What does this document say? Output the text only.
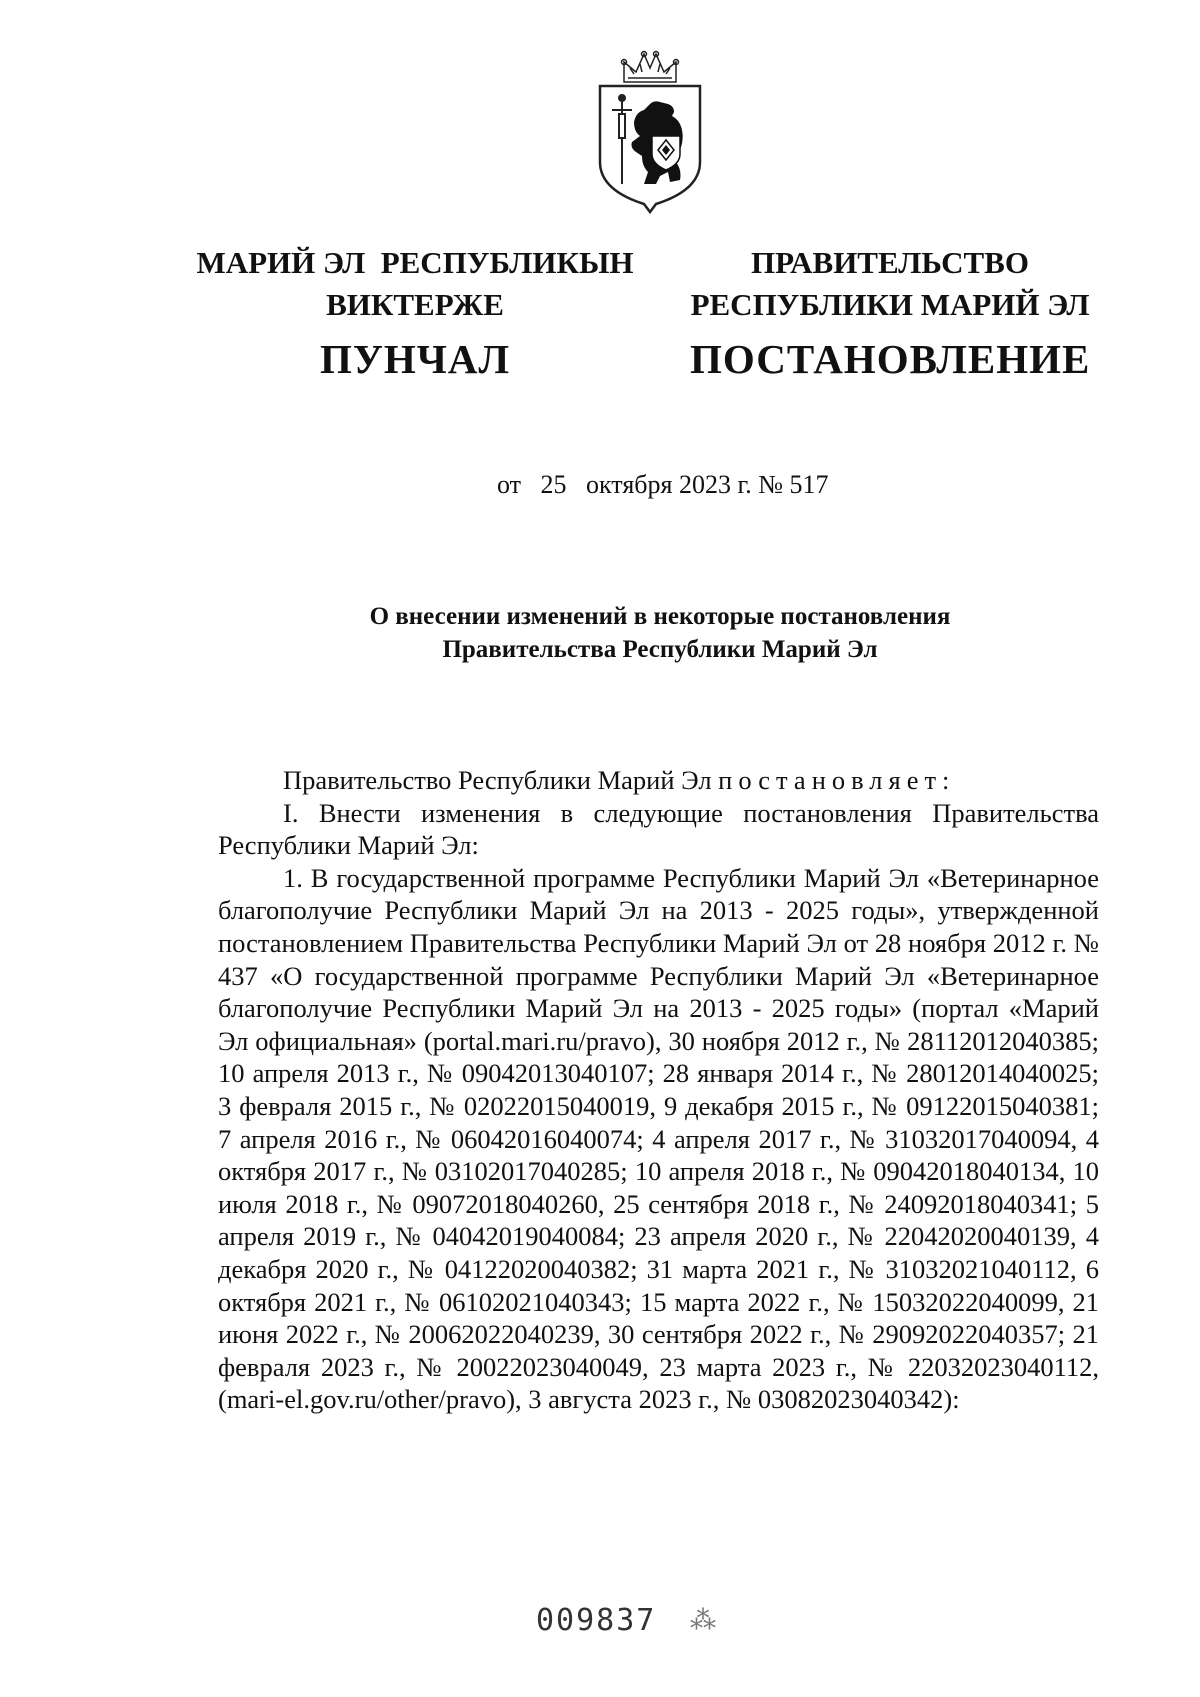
МАРИЙ ЭЛ  РЕСПУБЛИКЫН
ВИКТЕРЖЕ
ПУНЧАЛ
ПРАВИТЕЛЬСТВО
РЕСПУБЛИКИ МАРИЙ ЭЛ
ПОСТАНОВЛЕНИЕ
от   25   октября 2023 г. № 517
О внесении изменений в некоторые постановления
Правительства Республики Марий Эл

Правительство Республики Марий Эл постановляет:

I. Внести изменения в следующие постановления Правительства Республики Марий Эл:

1. В государственной программе Республики Марий Эл «Ветеринарное благополучие Республики Марий Эл на 2013 - 2025 годы», утвержденной постановлением Правительства Республики Марий Эл от 28 ноября 2012 г. № 437 «О государственной программе Республики Марий Эл «Ветеринарное благополучие Республики Марий Эл на 2013 - 2025 годы» (портал «Марий Эл официальная» (portal.mari.ru/pravo), 30 ноября 2012 г., № 28112012040385; 10 апреля 2013 г., № 09042013040107; 28 января 2014 г., № 28012014040025; 3 февраля 2015 г., № 02022015040019, 9 декабря 2015 г., № 09122015040381; 7 апреля 2016 г., № 06042016040074; 4 апреля 2017 г., № 31032017040094, 4 октября 2017 г., № 03102017040285; 10 апреля 2018 г., № 09042018040134, 10 июля 2018 г., № 09072018040260, 25 сентября 2018 г., № 24092018040341; 5 апреля 2019 г., № 04042019040084; 23 апреля 2020 г., № 22042020040139, 4 декабря 2020 г., № 04122020040382; 31 марта 2021 г., № 31032021040112, 6 октября 2021 г., № 06102021040343; 15 марта 2022 г., № 15032022040099, 21 июня 2022 г., № 20062022040239, 30 сентября 2022 г., № 29092022040357; 21 февраля 2023 г., № 20022023040049, 23 марта 2023 г., № 22032023040112, (mari-el.gov.ru/other/pravo), 3 августа 2023 г., № 03082023040342):

009837 ⁂
